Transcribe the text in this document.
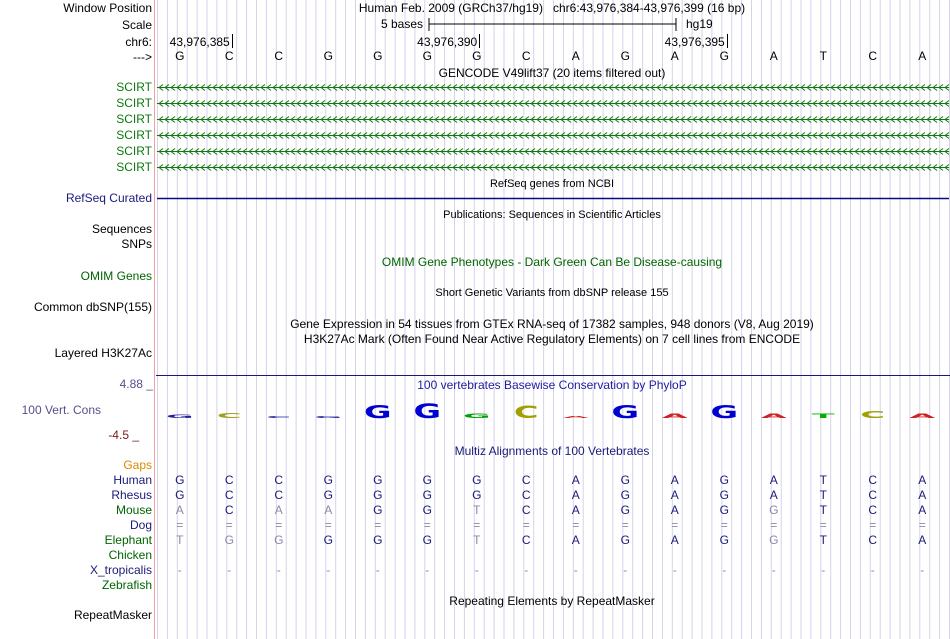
Window Position	Human Feb. 2009 (GRCh37/hg19)   chr6:43,976,384-43,976,399 (16 bp)
Scale	5 bases	hg19
chr6: 43,976,385	43,976,390	43,976,395
--->	G	C	C	G	G	G	G	C	A	G	A	G	A	T	C	A
GENCODE V49lift37 (20 items filtered out)
SCIRT
SCIRT
SCIRT
SCIRT
SCIRT
SCIRT
RefSeq genes from NCBI
RefSeq Curated
Publications: Sequences in Scientific Articles
Sequences
SNPs
OMIM Gene Phenotypes - Dark Green Can Be Disease-causing
OMIM Genes
Short Genetic Variants from dbSNP release 155
Common dbSNP(155)
Gene Expression in 54 tissues from GTEx RNA-seq of 17382 samples, 948 donors (V8, Aug 2019)
H3K27Ac Mark (Often Found Near Active Regulatory Elements) on 7 cell lines from ENCODE
Layered H3K27Ac
100 vertebrates Basewise Conservation by PhyloP
4.88 _
100 Vert. Cons
-4.5 _
G C C G G G G C A G A G A T C A
Multiz Alignments of 100 Vertebrates
Gaps
Human	G	C	C	G	G	G	G	C	A	G	A	G	A	T	C	A
Rhesus	G	C	C	G	G	G	G	C	A	G	A	G	A	T	C	A
Mouse	A	C	A	A	G	G	T	C	A	G	A	G	G	T	C	A
Dog	=	=	=	=	=	=	=	=	=	=	=	=	=	=	=	=
Elephant	T	G	G	G	G	G	T	C	A	G	A	G	G	T	C	A
Chicken
X_tropicalis	-	-	-	-	-	-	-	-	-	-	-	-	-	-	-	-
Zebrafish
Repeating Elements by RepeatMasker
RepeatMasker
